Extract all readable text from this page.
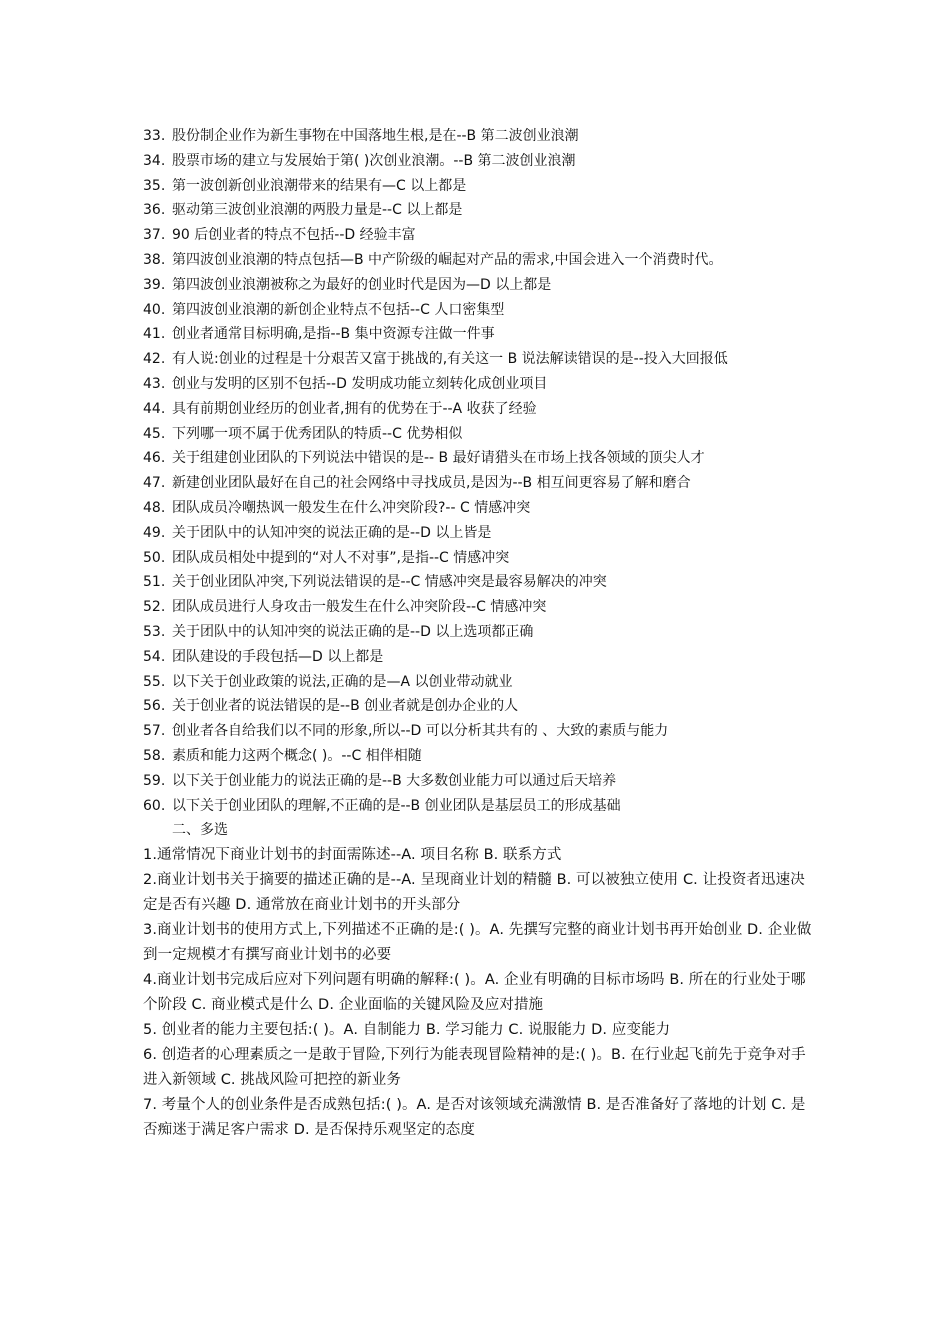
33. 股份制企业作为新生事物在中国落地生根,是在--B 第二波创业浪潮
34. 股票市场的建立与发展始于第( )次创业浪潮。--B 第二波创业浪潮
35. 第一波创新创业浪潮带来的结果有—C 以上都是
36. 驱动第三波创业浪潮的两股力量是--C 以上都是
37. 90 后创业者的特点不包括--D 经验丰富
38. 第四波创业浪潮的特点包括—B 中产阶级的崛起对产品的需求,中国会进入一个消费时代。
39. 第四波创业浪潮被称之为最好的创业时代是因为—D 以上都是
40. 第四波创业浪潮的新创企业特点不包括--C 人口密集型
41. 创业者通常目标明确,是指--B 集中资源专注做一件事
42. 有人说:创业的过程是十分艰苦又富于挑战的,有关这一 B 说法解读错误的是--投入大回报低
43. 创业与发明的区别不包括--D 发明成功能立刻转化成创业项目
44. 具有前期创业经历的创业者,拥有的优势在于--A 收获了经验
45. 下列哪一项不属于优秀团队的特质--C 优势相似
46. 关于组建创业团队的下列说法中错误的是-- B 最好请猎头在市场上找各领域的顶尖人才
47. 新建创业团队最好在自己的社会网络中寻找成员,是因为--B 相互间更容易了解和磨合
48. 团队成员冷嘲热讽一般发生在什么冲突阶段?-- C 情感冲突
49. 关于团队中的认知冲突的说法正确的是--D 以上皆是
50. 团队成员相处中提到的“对人不对事”,是指--C 情感冲突
51. 关于创业团队冲突,下列说法错误的是--C 情感冲突是最容易解决的冲突
52. 团队成员进行人身攻击一般发生在什么冲突阶段--C 情感冲突
53. 关于团队中的认知冲突的说法正确的是--D 以上选项都正确
54. 团队建设的手段包括—D 以上都是
55. 以下关于创业政策的说法,正确的是—A 以创业带动就业
56. 关于创业者的说法错误的是--B 创业者就是创办企业的人
57. 创业者各自给我们以不同的形象,所以--D 可以分析其共有的 、大致的素质与能力
58. 素质和能力这两个概念( )。--C 相伴相随
59. 以下关于创业能力的说法正确的是--B 大多数创业能力可以通过后天培养
60. 以下关于创业团队的理解,不正确的是--B 创业团队是基层员工的形成基础

二、多选

1.通常情况下商业计划书的封面需陈述--A. 项目名称 B. 联系方式
2.商业计划书关于摘要的描述正确的是--A. 呈现商业计划的精髓 B. 可以被独立使用 C. 让投资者迅速决定是否有兴趣 D. 通常放在商业计划书的开头部分
3.商业计划书的使用方式上,下列描述不正确的是:( )。A. 先撰写完整的商业计划书再开始创业 D. 企业做到一定规模才有撰写商业计划书的必要
4.商业计划书完成后应对下列问题有明确的解释:( )。A. 企业有明确的目标市场吗 B. 所在的行业处于哪个阶段 C. 商业模式是什么 D. 企业面临的关键风险及应对措施
5. 创业者的能力主要包括:( )。A. 自制能力 B. 学习能力 C. 说服能力 D. 应变能力
6. 创造者的心理素质之一是敢于冒险,下列行为能表现冒险精神的是:( )。B. 在行业起飞前先于竞争对手进入新领域 C. 挑战风险可把控的新业务
7. 考量个人的创业条件是否成熟包括:( )。A. 是否对该领域充满激情 B. 是否准备好了落地的计划 C. 是否痴迷于满足客户需求 D. 是否保持乐观坚定的态度
